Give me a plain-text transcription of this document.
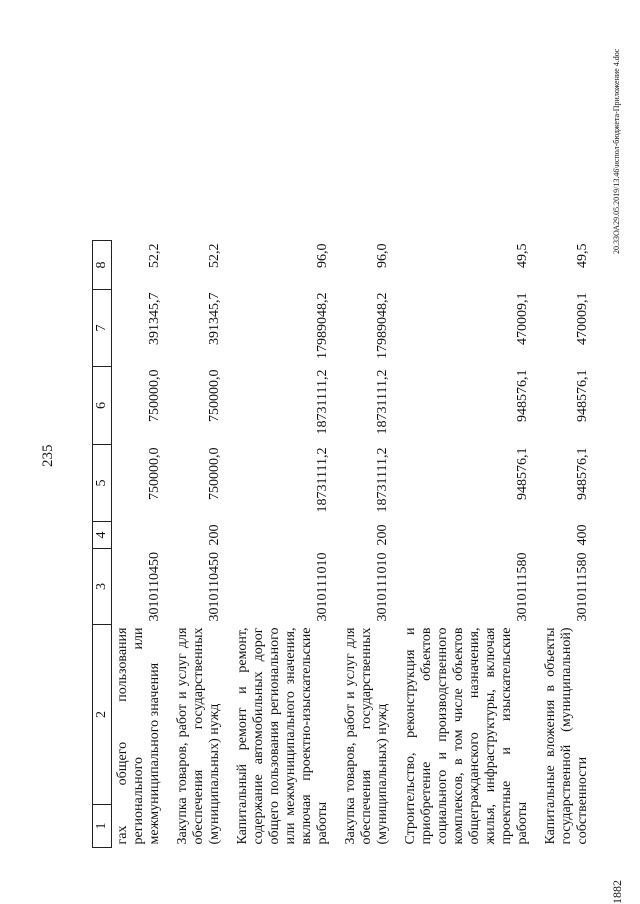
235
20.3ЗОА29.05.2019/13.46\испол-бюджета-Приложение 4.doc
1882
1	2	3	4	5	6	7	8
гах общего пользования регионального или межмуниципального значения		3010110450		750000,0	750000,0	391345,7	52,2
Закупка товаров, работ и услуг для обеспечения государственных (муниципальных) нужд		3010110450	200	750000,0	750000,0	391345,7	52,2
Капитальный ремонт и ремонт, содержание автомобильных дорог общего пользования регионального или межмуниципального значения, включая проектно-изыскательские работы		3010111010		18731111,2	18731111,2	17989048,2	96,0
Закупка товаров, работ и услуг для обеспечения государственных (муниципальных) нужд		3010111010	200	18731111,2	18731111,2	17989048,2	96,0
Строительство, реконструкция и приобретение объектов социального и производственного комплексов, в том числе объектов общегражданского назначения, жилья, инфраструктуры, включая проектные и изыскательские работы		3010111580		948576,1	948576,1	470009,1	49,5
Капитальные вложения в объекты государственной (муниципальной) собственности		3010111580	400	948576,1	948576,1	470009,1	49,5
